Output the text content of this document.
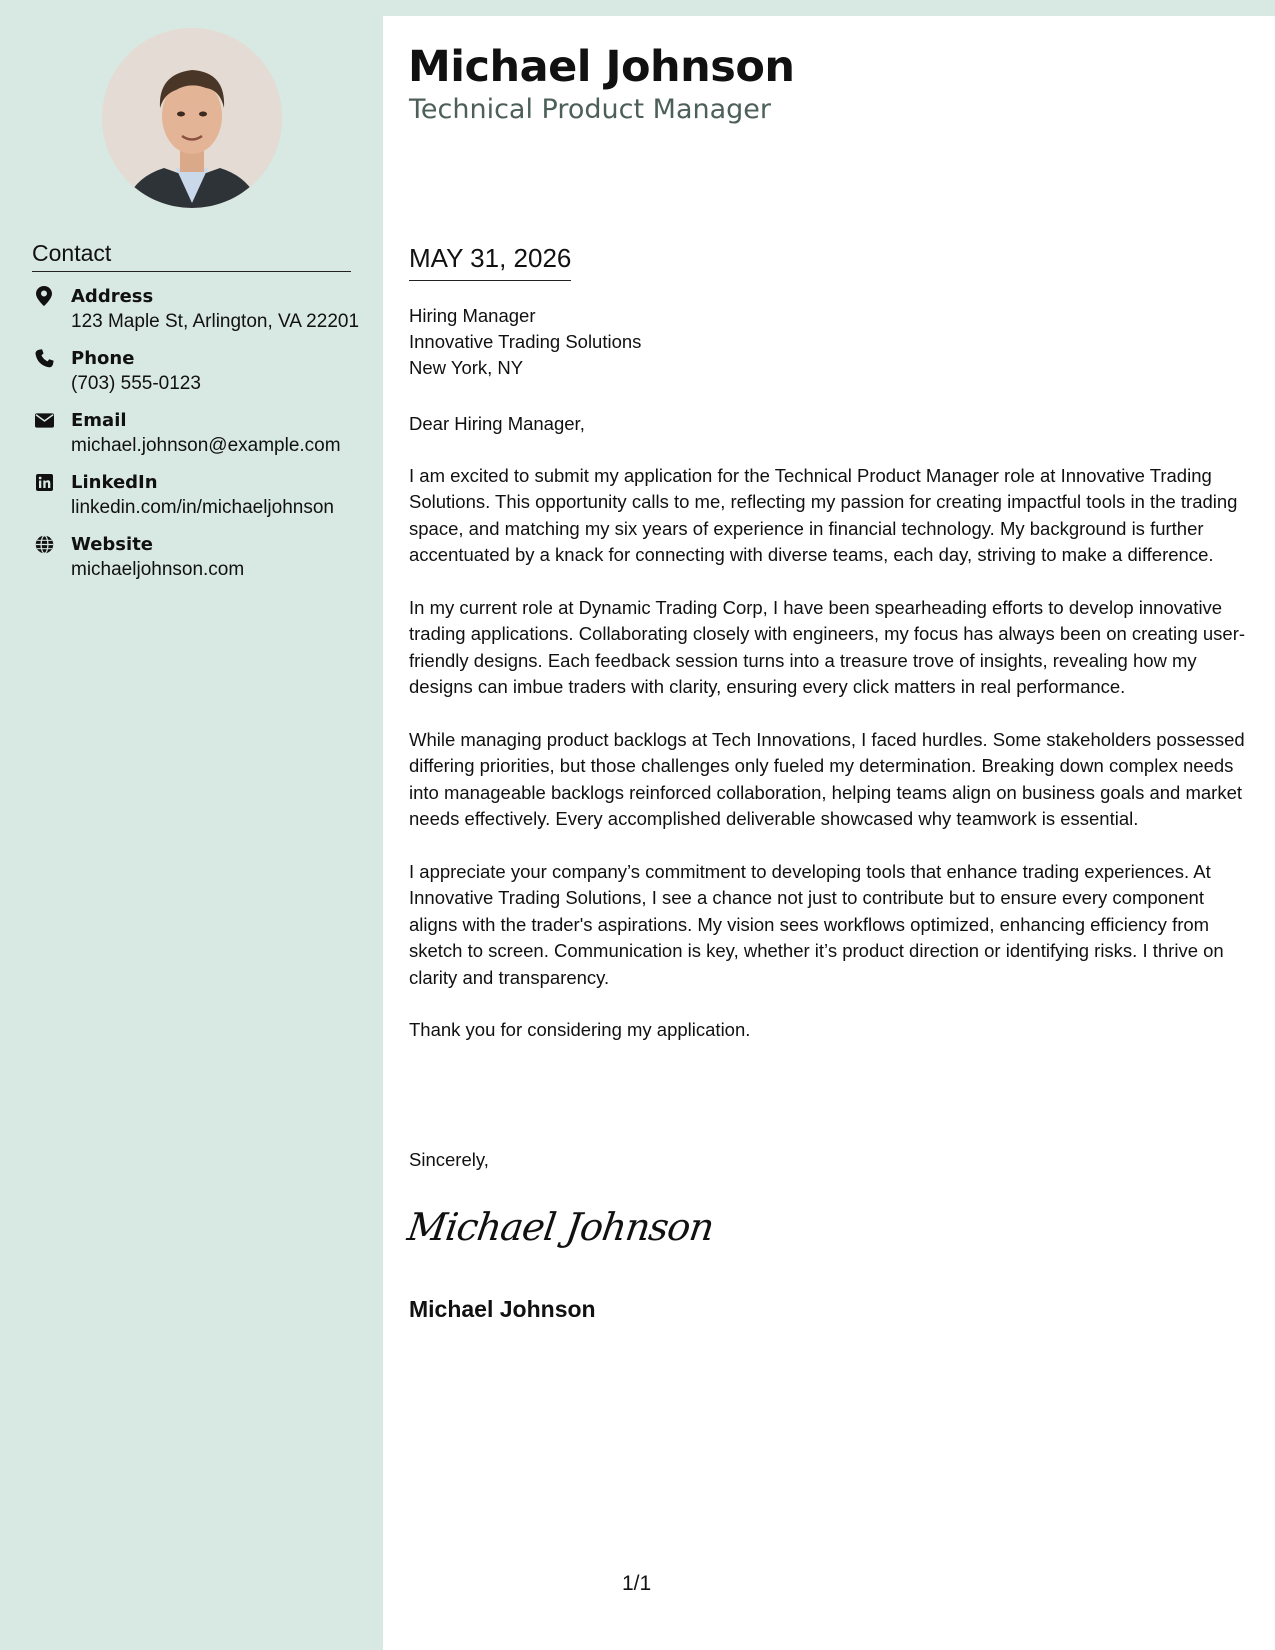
Contact
Address
123 Maple St, Arlington, VA 22201
Phone
(703) 555-0123
Email
michael.johnson@example.com
LinkedIn
linkedin.com/in/michaeljohnson
Website
michaeljohnson.com
Michael Johnson
Technical Product Manager
MAY 31, 2026
Hiring Manager
Innovative Trading Solutions
New York, NY
Dear Hiring Manager,

I am excited to submit my application for the Technical Product Manager role at Innovative Trading Solutions. This opportunity calls to me, reflecting my passion for creating impactful tools in the trading space, and matching my six years of experience in financial technology. My background is further accentuated by a knack for connecting with diverse teams, each day, striving to make a difference.

In my current role at Dynamic Trading Corp, I have been spearheading efforts to develop innovative trading applications. Collaborating closely with engineers, my focus has always been on creating user-friendly designs. Each feedback session turns into a treasure trove of insights, revealing how my designs can imbue traders with clarity, ensuring every click matters in real performance.

While managing product backlogs at Tech Innovations, I faced hurdles. Some stakeholders possessed differing priorities, but those challenges only fueled my determination. Breaking down complex needs into manageable backlogs reinforced collaboration, helping teams align on business goals and market needs effectively. Every accomplished deliverable showcased why teamwork is essential.

I appreciate your company’s commitment to developing tools that enhance trading experiences. At Innovative Trading Solutions, I see a chance not just to contribute but to ensure every component aligns with the trader's aspirations. My vision sees workflows optimized, enhancing efficiency from sketch to screen. Communication is key, whether it’s product direction or identifying risks. I thrive on clarity and transparency.

Thank you for considering my application.

Sincerely,
Michael Johnson
Michael Johnson
1/1
